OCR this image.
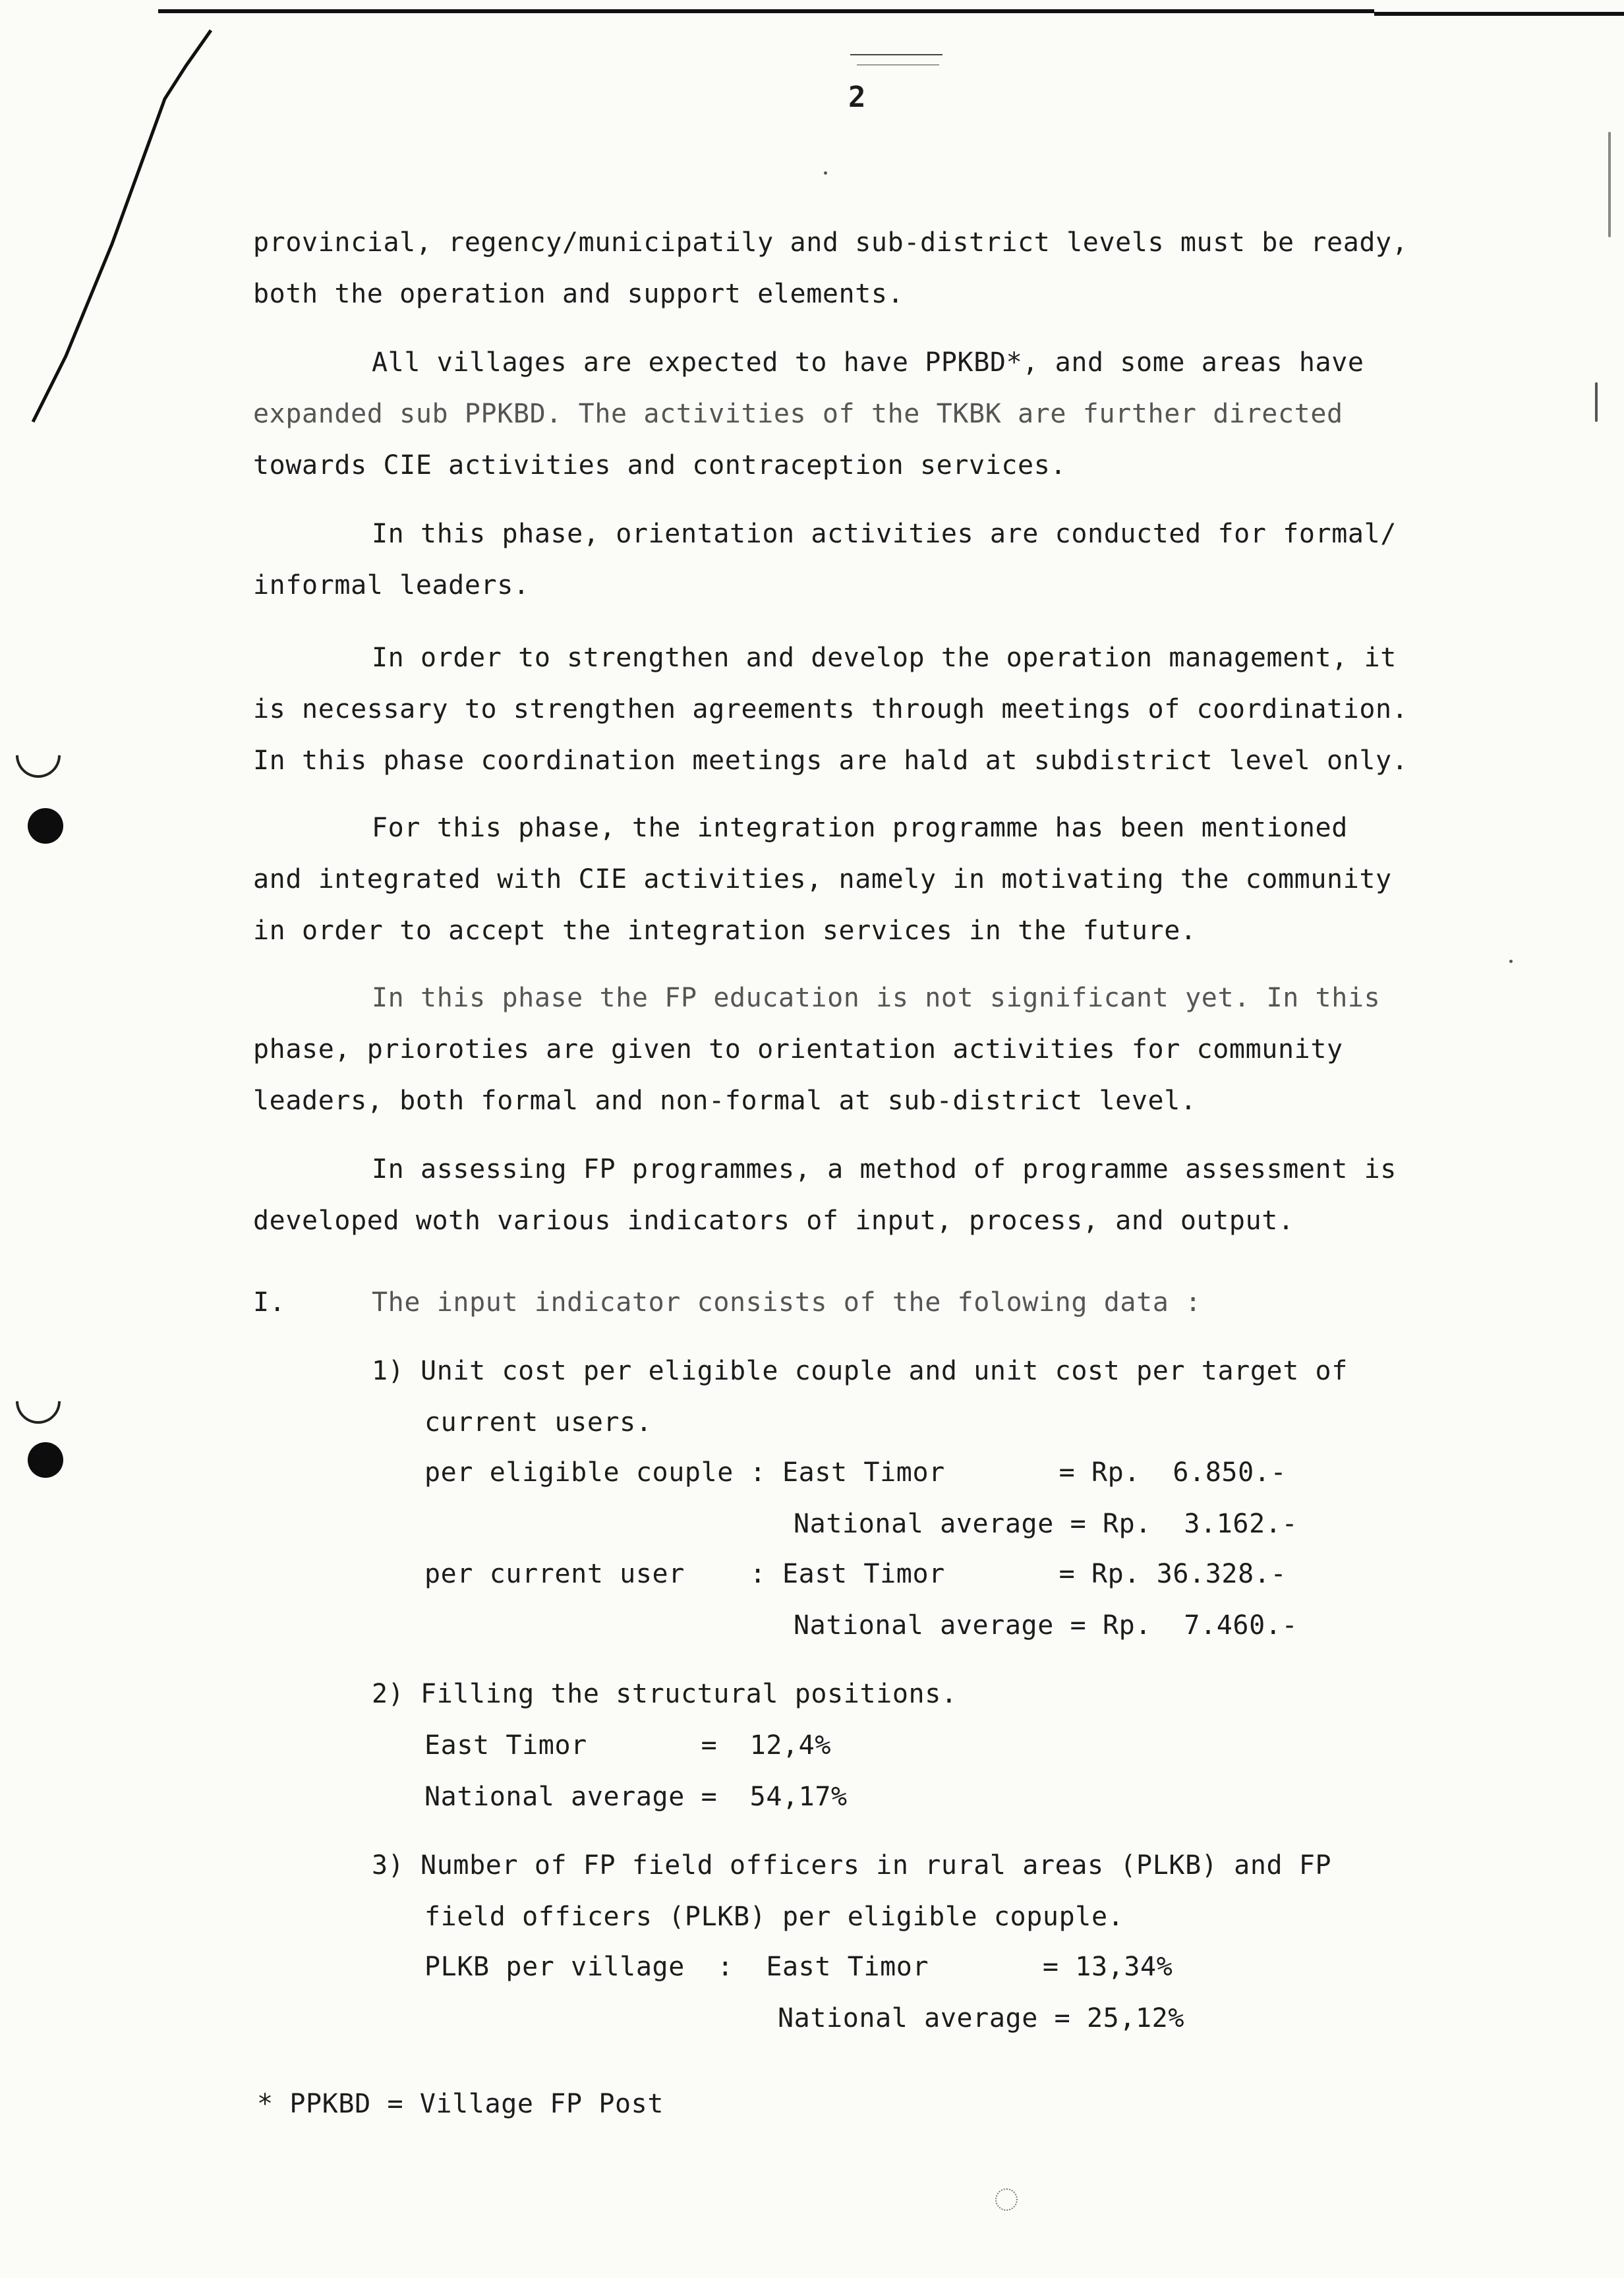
2
provincial, regency/municipatily and sub-district levels must be ready,
both the operation and support elements.
All villages are expected to have PPKBD*, and some areas have
expanded sub PPKBD. The activities of the TKBK are further directed
towards CIE activities and contraception services.
In this phase, orientation activities are conducted for formal/
informal leaders.
In order to strengthen and develop the operation management, it
is necessary to strengthen agreements through meetings of coordination.
In this phase coordination meetings are hald at subdistrict level only.
For this phase, the integration programme has been mentioned
and integrated with CIE activities, namely in motivating the community
in order to accept the integration services in the future.
In this phase the FP education is not significant yet. In this
phase, prioroties are given to orientation activities for community
leaders, both formal and non-formal at sub-district level.
In assessing FP programmes, a method of programme assessment is
developed woth various indicators of input, process, and output.
I.	The input indicator consists of the folowing data :
1) Unit cost per eligible couple and unit cost per target of
current users.
per eligible couple : East Timor       = Rp.  6.850.-
National average = Rp.  3.162.-
per current user    : East Timor       = Rp. 36.328.-
National average = Rp.  7.460.-
2) Filling the structural positions.
East Timor       =  12,4%
National average =  54,17%
3) Number of FP field officers in rural areas (PLKB) and FP
field officers (PLKB) per eligible copuple.
PLKB per village  :  East Timor       = 13,34%
National average = 25,12%
* PPKBD = Village FP Post
